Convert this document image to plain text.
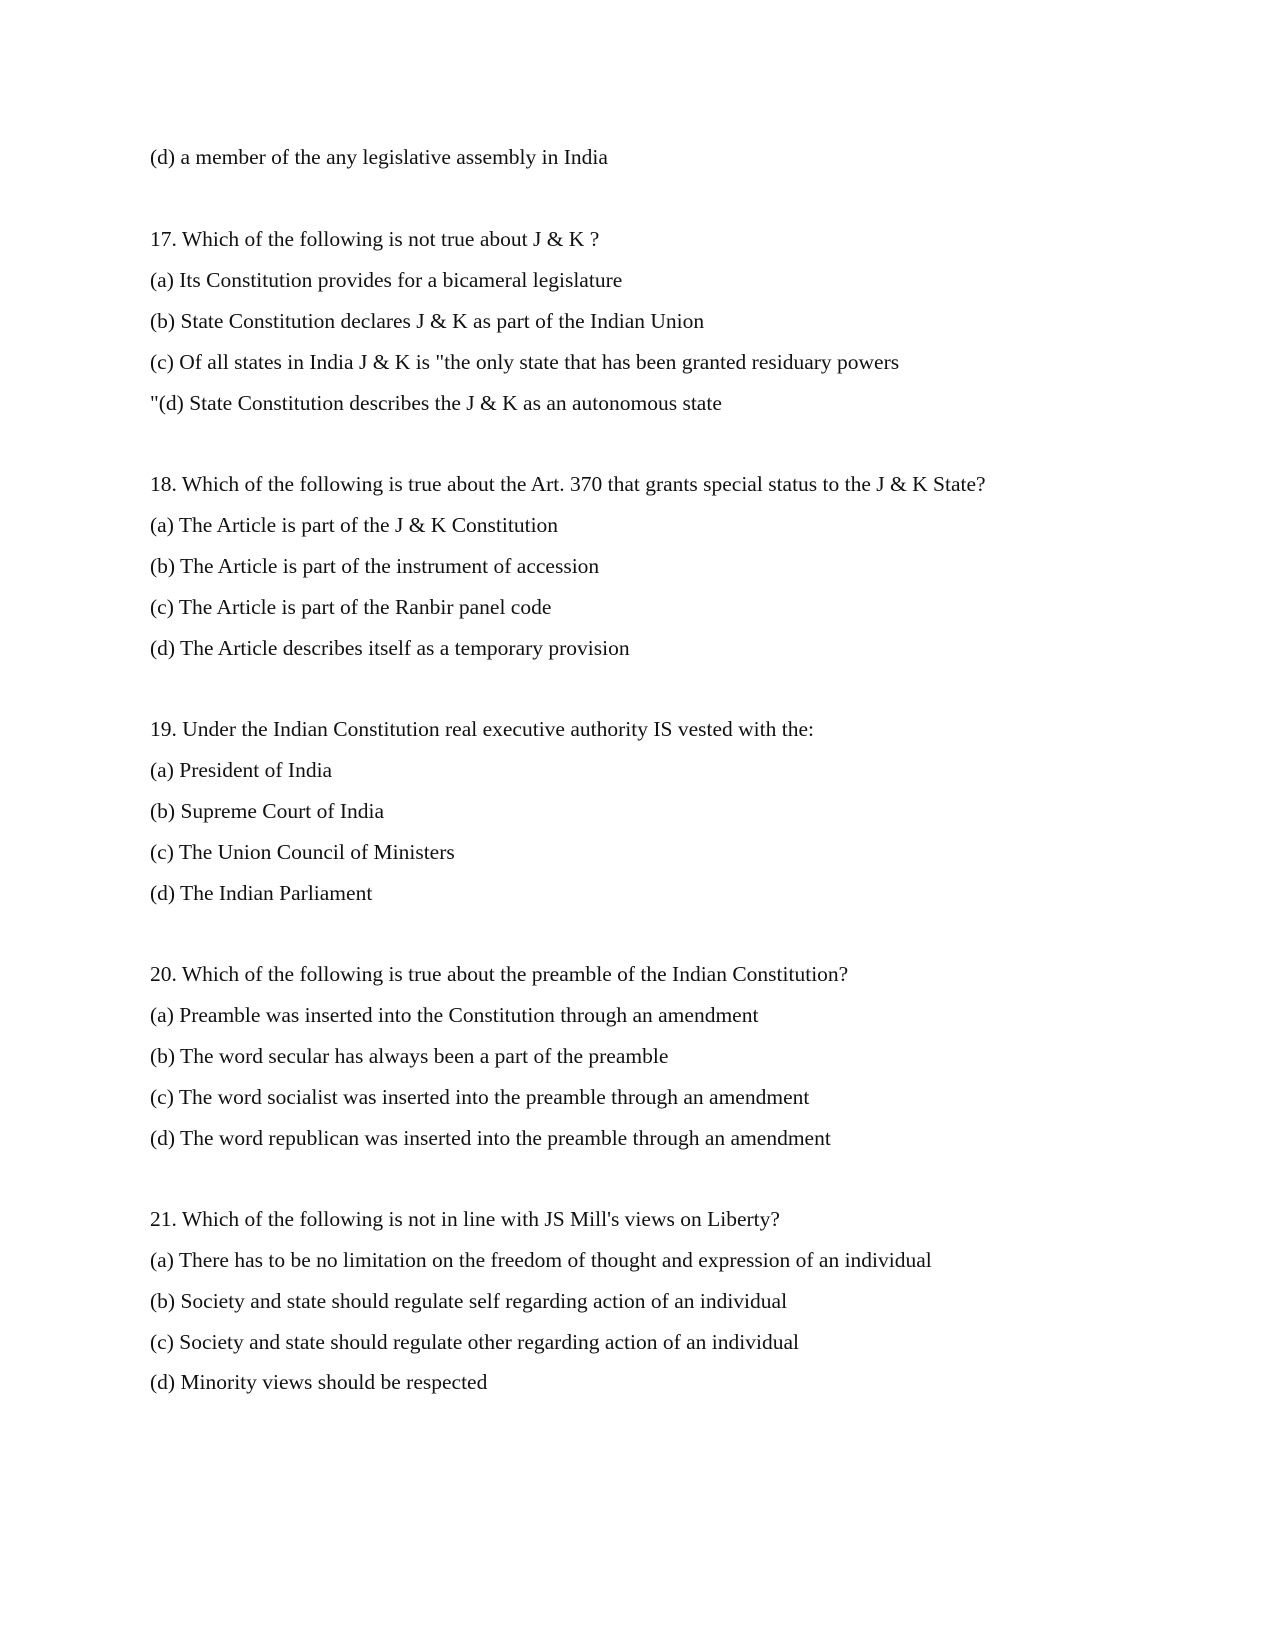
(d) a member of the any legislative assembly in India

17. Which of the following is not true about J & K ?

(a) Its Constitution provides for a bicameral legislature

(b) State Constitution declares J & K as part of the Indian Union

(c) Of all states in India J & K is "the only state that has been granted residuary powers

"(d) State Constitution describes the J & K as an autonomous state

18. Which of the following is true about the Art. 370 that grants special status to the J & K State?

(a) The Article is part of the J & K Constitution

(b) The Article is part of the instrument of accession

(c) The Article is part of the Ranbir panel code

(d) The Article describes itself as a temporary provision

19. Under the Indian Constitution real executive authority IS vested with the:

(a) President of India

(b) Supreme Court of India

(c) The Union Council of Ministers

(d) The Indian Parliament

20. Which of the following is true about the preamble of the Indian Constitution?

(a) Preamble was inserted into the Constitution through an amendment

(b) The word secular has always been a part of the preamble

(c) The word socialist was inserted into the preamble through an amendment

(d) The word republican was inserted into the preamble through an amendment

21. Which of the following is not in line with JS Mill's views on Liberty?

(a) There has to be no limitation on the freedom of thought and expression of an individual

(b) Society and state should regulate self regarding action of an individual

(c) Society and state should regulate other regarding action of an individual

(d) Minority views should be respected
